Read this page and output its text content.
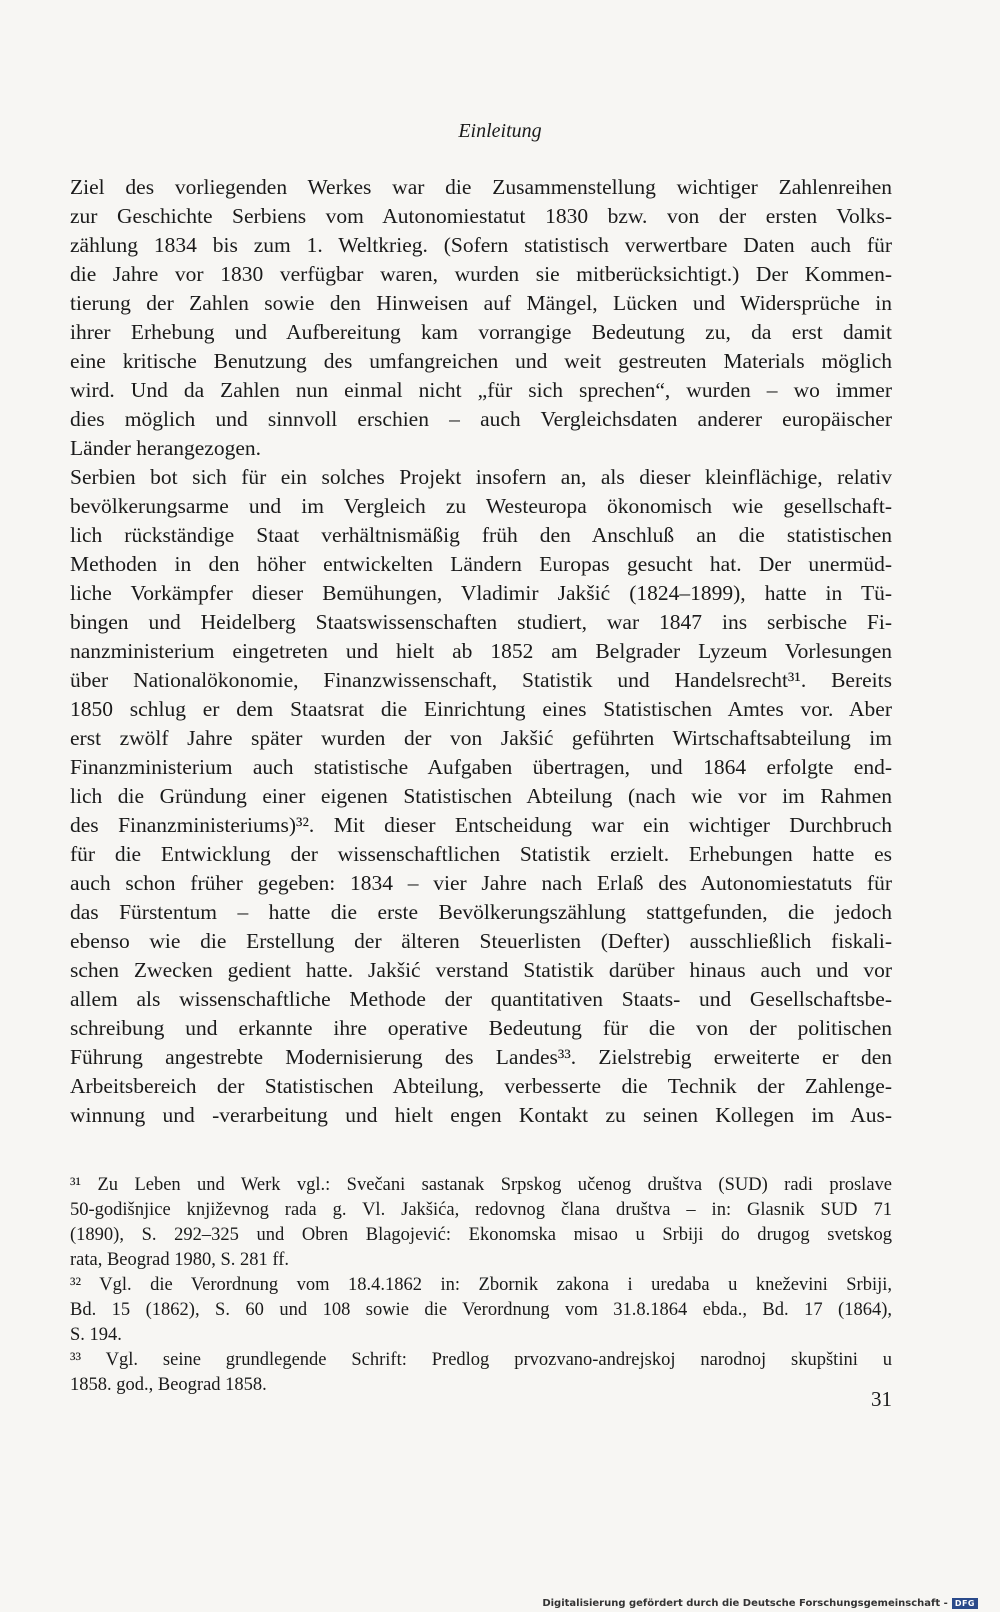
Einleitung
Ziel des vorliegenden Werkes war die Zusammenstellung wichtiger Zahlenreihen
zur Geschichte Serbiens vom Autonomiestatut 1830 bzw. von der ersten Volks-
zählung 1834 bis zum 1. Weltkrieg. (Sofern statistisch verwertbare Daten auch für
die Jahre vor 1830 verfügbar waren, wurden sie mitberücksichtigt.) Der Kommen-
tierung der Zahlen sowie den Hinweisen auf Mängel, Lücken und Widersprüche in
ihrer Erhebung und Aufbereitung kam vorrangige Bedeutung zu, da erst damit
eine kritische Benutzung des umfangreichen und weit gestreuten Materials möglich
wird. Und da Zahlen nun einmal nicht „für sich sprechen“, wurden – wo immer
dies möglich und sinnvoll erschien – auch Vergleichsdaten anderer europäischer
Länder herangezogen.
Serbien bot sich für ein solches Projekt insofern an, als dieser kleinflächige, relativ
bevölkerungsarme und im Vergleich zu Westeuropa ökonomisch wie gesellschaft-
lich rückständige Staat verhältnismäßig früh den Anschluß an die statistischen
Methoden in den höher entwickelten Ländern Europas gesucht hat. Der unermüd-
liche Vorkämpfer dieser Bemühungen, Vladimir Jakšić (1824–1899), hatte in Tü-
bingen und Heidelberg Staatswissenschaften studiert, war 1847 ins serbische Fi-
nanzministerium eingetreten und hielt ab 1852 am Belgrader Lyzeum Vorlesungen
über Nationalökonomie, Finanzwissenschaft, Statistik und Handelsrecht³¹. Bereits
1850 schlug er dem Staatsrat die Einrichtung eines Statistischen Amtes vor. Aber
erst zwölf Jahre später wurden der von Jakšić geführten Wirtschaftsabteilung im
Finanzministerium auch statistische Aufgaben übertragen, und 1864 erfolgte end-
lich die Gründung einer eigenen Statistischen Abteilung (nach wie vor im Rahmen
des Finanzministeriums)³². Mit dieser Entscheidung war ein wichtiger Durchbruch
für die Entwicklung der wissenschaftlichen Statistik erzielt. Erhebungen hatte es
auch schon früher gegeben: 1834 – vier Jahre nach Erlaß des Autonomiestatuts für
das Fürstentum – hatte die erste Bevölkerungszählung stattgefunden, die jedoch
ebenso wie die Erstellung der älteren Steuerlisten (Defter) ausschließlich fiskali-
schen Zwecken gedient hatte. Jakšić verstand Statistik darüber hinaus auch und vor
allem als wissenschaftliche Methode der quantitativen Staats- und Gesellschaftsbe-
schreibung und erkannte ihre operative Bedeutung für die von der politischen
Führung angestrebte Modernisierung des Landes³³. Zielstrebig erweiterte er den
Arbeitsbereich der Statistischen Abteilung, verbesserte die Technik der Zahlenge-
winnung und -verarbeitung und hielt engen Kontakt zu seinen Kollegen im Aus-
³¹ Zu Leben und Werk vgl.: Svečani sastanak Srpskog učenog društva (SUD) radi proslave
50-godišnjice književnog rada g. Vl. Jakšića, redovnog člana društva – in: Glasnik SUD 71
(1890), S. 292–325 und Obren Blagojević: Ekonomska misao u Srbiji do drugog svetskog
rata, Beograd 1980, S. 281 ff.
³² Vgl. die Verordnung vom 18.4.1862 in: Zbornik zakona i uredaba u kneževini Srbiji,
Bd. 15 (1862), S. 60 und 108 sowie die Verordnung vom 31.8.1864 ebda., Bd. 17 (1864),
S. 194.
³³ Vgl. seine grundlegende Schrift: Predlog prvozvano-andrejskoj narodnoj skupštini u
1858. god., Beograd 1858.
31
Digitalisierung gefördert durch die Deutsche Forschungsgemeinschaft - DFG
